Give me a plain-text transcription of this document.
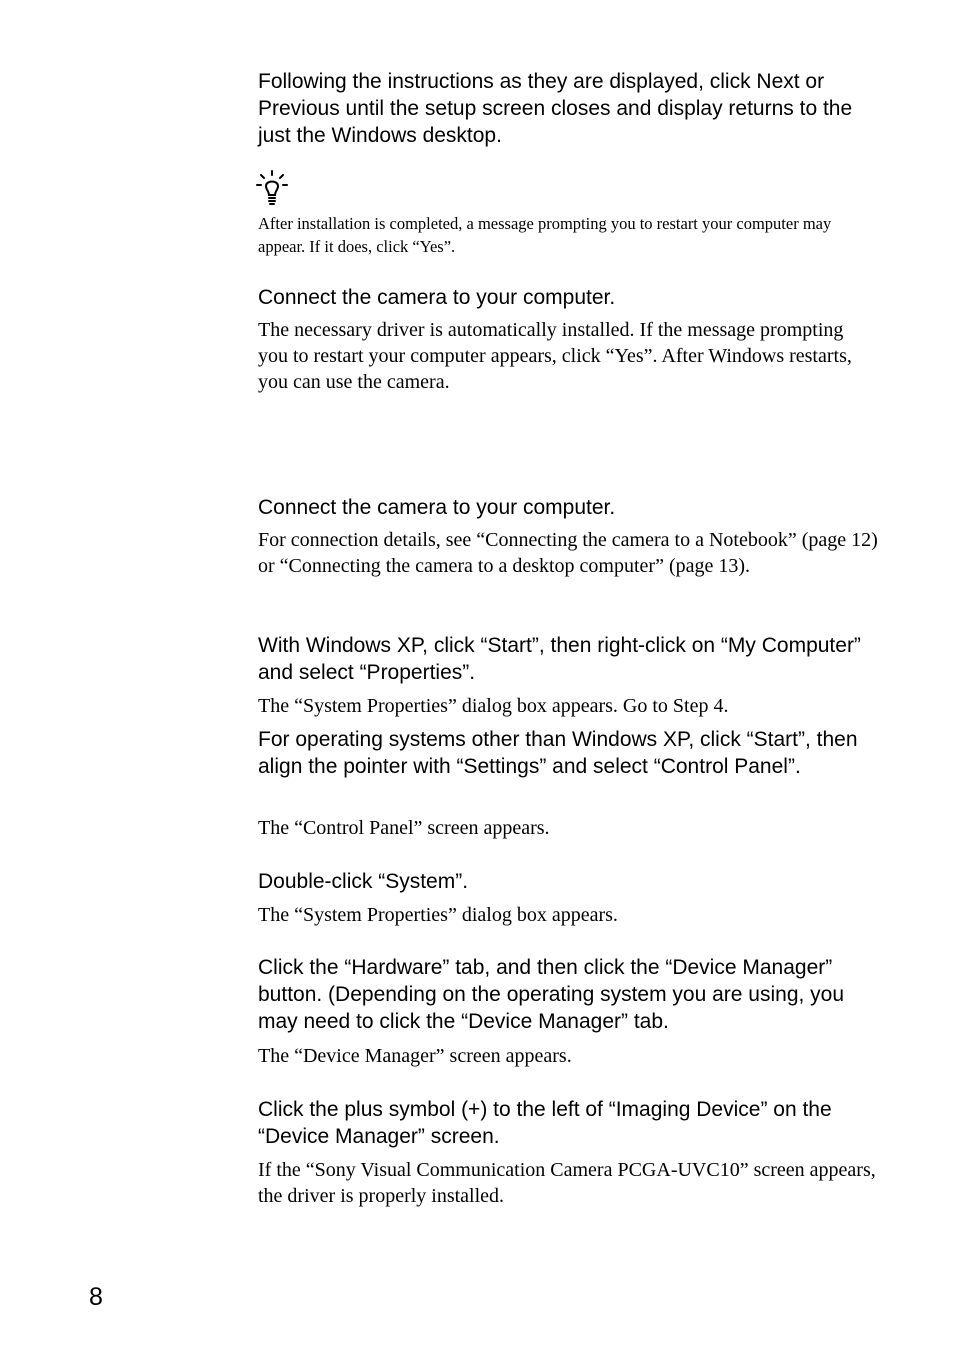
Following the instructions as they are displayed, click Next or Previous until the setup screen closes and display returns to the just the Windows desktop.

After installation is completed, a message prompting you to restart your computer may appear. If it does, click “Yes”.

Connect the camera to your computer.

The necessary driver is automatically installed. If the message prompting you to restart your computer appears, click “Yes”. After Windows restarts, you can use the camera.

Connect the camera to your computer.

For connection details, see “Connecting the camera to a Notebook” (page 12) or “Connecting the camera to a desktop computer” (page 13).

With Windows XP, click “Start”, then right-click on “My Computer” and select “Properties”.

The “System Properties” dialog box appears. Go to Step 4.

For operating systems other than Windows XP, click “Start”, then align the pointer with “Settings” and select “Control Panel”.

The “Control Panel” screen appears.

Double-click “System”.

The “System Properties” dialog box appears.

Click the “Hardware” tab, and then click the “Device Manager” button. (Depending on the operating system you are using, you may need to click the “Device Manager” tab.

The “Device Manager” screen appears.

Click the plus symbol (+) to the left of “Imaging Device” on the “Device Manager” screen.

If the “Sony Visual Communication Camera PCGA-UVC10” screen appears, the driver is properly installed.

8
